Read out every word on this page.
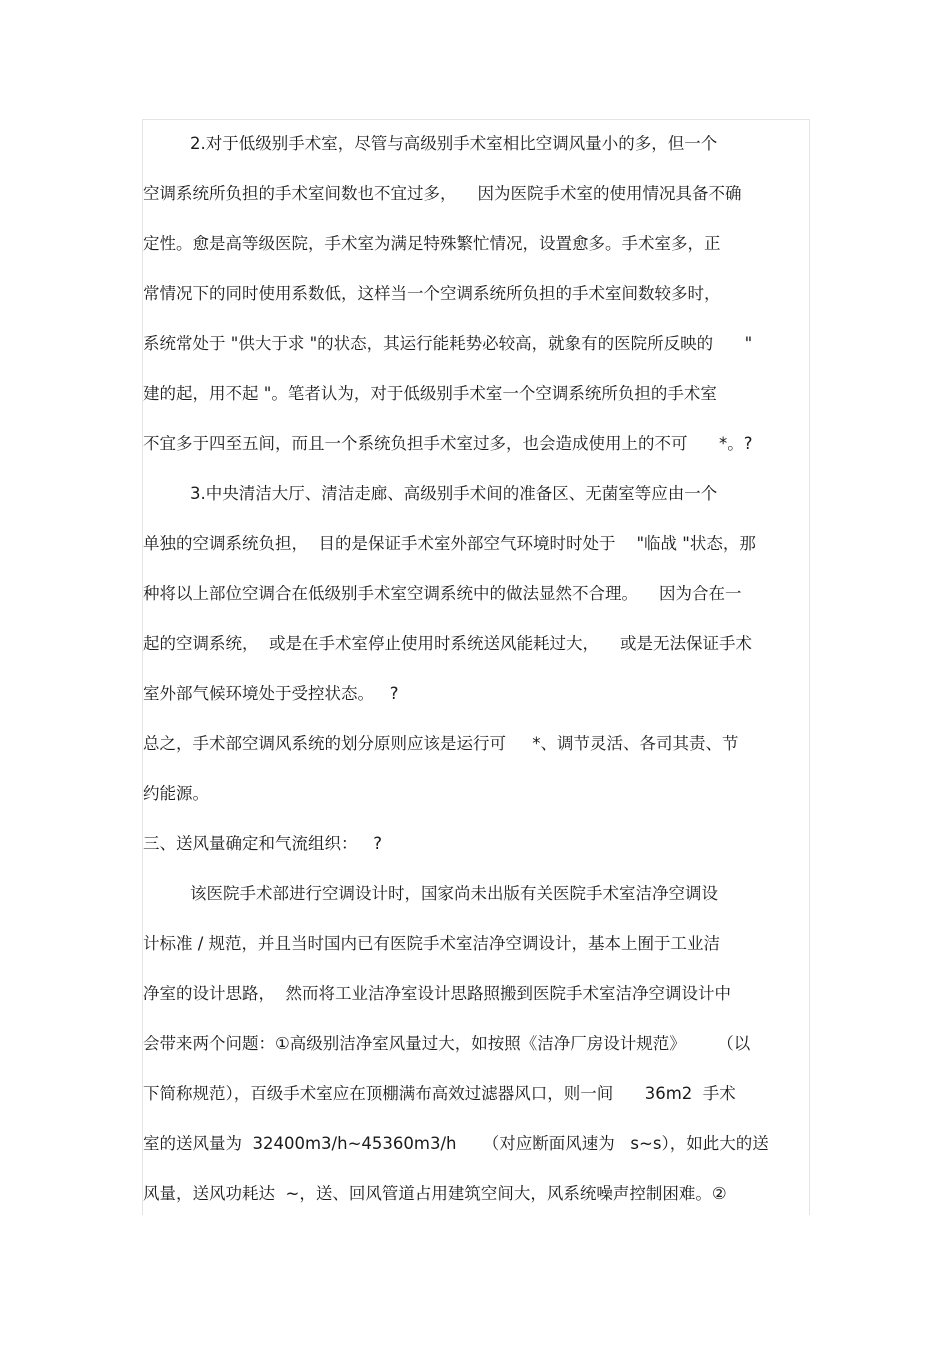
2.对于低级别手术室，尽管与高级别手术室相比空调风量小的多，但一个
空调系统所负担的手术室间数也不宜过多，    因为医院手术室的使用情况具备不确
定性。愈是高等级医院，手术室为满足特殊繁忙情况，设置愈多。手术室多，正
常情况下的同时使用系数低，这样当一个空调系统所负担的手术室间数较多时，
系统常处于 "供大于求 "的状态，其运行能耗势必较高，就象有的医院所反映的      "
建的起，用不起 "。笔者认为，对于低级别手术室一个空调系统所负担的手术室
不宜多于四至五间，而且一个系统负担手术室过多，也会造成使用上的不可      *。?
3.中央清洁大厅、清洁走廊、高级别手术间的准备区、无菌室等应由一个
单独的空调系统负担，  目的是保证手术室外部空气环境时时处于    "临战 "状态，那
种将以上部位空调合在低级别手术室空调系统中的做法显然不合理。    因为合在一
起的空调系统，  或是在手术室停止使用时系统送风能耗过大，    或是无法保证手术
室外部气候环境处于受控状态。   ?
总之，手术部空调风系统的划分原则应该是运行可     *、调节灵活、各司其责、节
约能源。
三、送风量确定和气流组织：   ?
该医院手术部进行空调设计时，国家尚未出版有关医院手术室洁净空调设
计标准 / 规范，并且当时国内已有医院手术室洁净空调设计，基本上囿于工业洁
净室的设计思路，  然而将工业洁净室设计思路照搬到医院手术室洁净空调设计中
会带来两个问题：①高级别洁净室风量过大，如按照《洁净厂房设计规范》      （以
下简称规范），百级手术室应在顶棚满布高效过滤器风口，则一间      36m2  手术
室的送风量为  32400m3/h~45360m3/h     （对应断面风速为   s~s），如此大的送
风量，送风功耗达  ~，送、回风管道占用建筑空间大，风系统噪声控制困难。②
